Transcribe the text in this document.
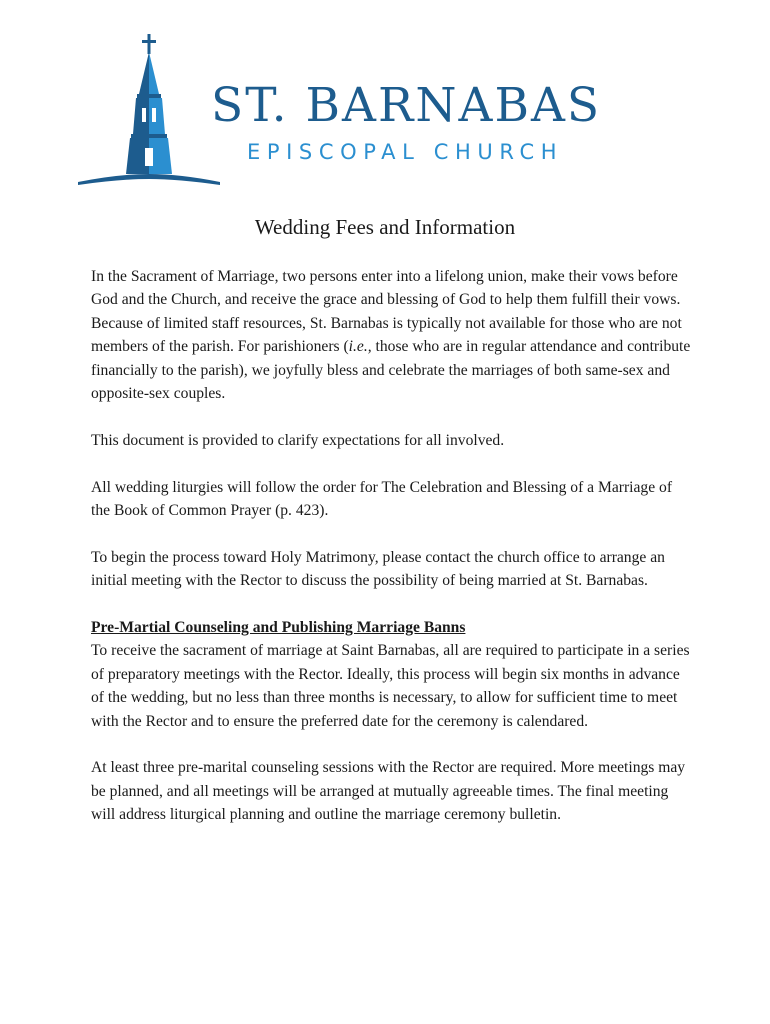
ST. BARNABAS
EPISCOPAL CHURCH
Wedding Fees and Information

In the Sacrament of Marriage, two persons enter into a lifelong union, make their vows before God and the Church, and receive the grace and blessing of God to help them fulfill their vows. Because of limited staff resources, St. Barnabas is typically not available for those who are not members of the parish. For parishioners (i.e., those who are in regular attendance and contribute financially to the parish), we joyfully bless and celebrate the marriages of both same-sex and opposite-sex couples.

This document is provided to clarify expectations for all involved.

All wedding liturgies will follow the order for The Celebration and Blessing of a Marriage of the Book of Common Prayer (p. 423).

To begin the process toward Holy Matrimony, please contact the church office to arrange an initial meeting with the Rector to discuss the possibility of being married at St. Barnabas.

Pre-Martial Counseling and Publishing Marriage Banns

To receive the sacrament of marriage at Saint Barnabas, all are required to participate in a series of preparatory meetings with the Rector. Ideally, this process will begin six months in advance of the wedding, but no less than three months is necessary, to allow for sufficient time to meet with the Rector and to ensure the preferred date for the ceremony is calendared.

At least three pre-marital counseling sessions with the Rector are required. More meetings may be planned, and all meetings will be arranged at mutually agreeable times. The final meeting will address liturgical planning and outline the marriage ceremony bulletin.
